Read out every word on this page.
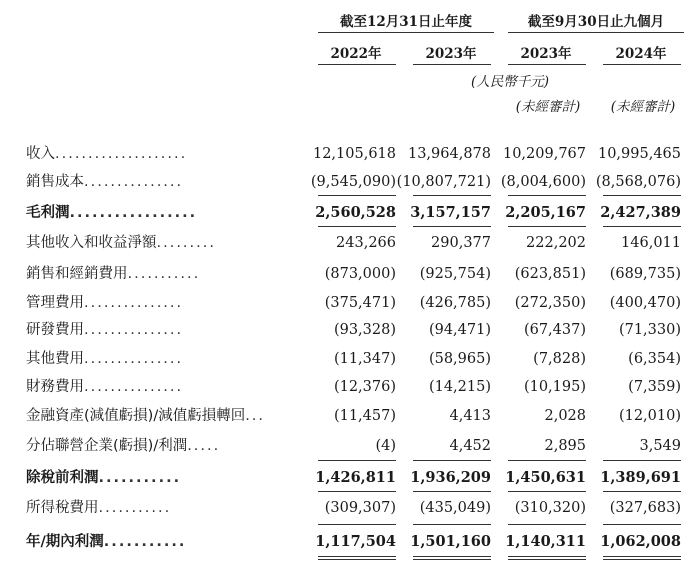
截至12月31日止年度	截至9月30日止九個月
2022年	2023年	2023年	2024年
(人民幣千元)
(未經審計)	(未經審計)
收入....................	12,105,618 13,964,878 10,209,767 10,995,465
銷售成本...............	(9,545,090) (10,807,721) (8,004,600) (8,568,076)
毛利潤.................	2,560,528 3,157,157 2,205,167 2,427,389
其他收入和收益淨額.........	243,266 290,377 222,202 146,011
銷售和經銷費用...........	(873,000) (925,754) (623,851) (689,735)
管理費用...............	(375,471) (426,785) (272,350) (400,470)
研發費用...............	(93,328) (94,471) (67,437) (71,330)
其他費用...............	(11,347) (58,965)	(7,828)	(6,354)
財務費用...............	(12,376) (14,215) (10,195)	(7,359)
金融資產(減值虧損)/減值虧損轉回...	(11,457)	4,413	2,028 (12,010)
分佔聯營企業(虧損)/利潤.....	(4)	4,452	2,895	3,549
除稅前利潤...........	1,426,811 1,936,209 1,450,631 1,389,691
所得稅費用...........	(309,307) (435,049) (310,320) (327,683)
年/期內利潤...........	1,117,504 1,501,160 1,140,311 1,062,008
